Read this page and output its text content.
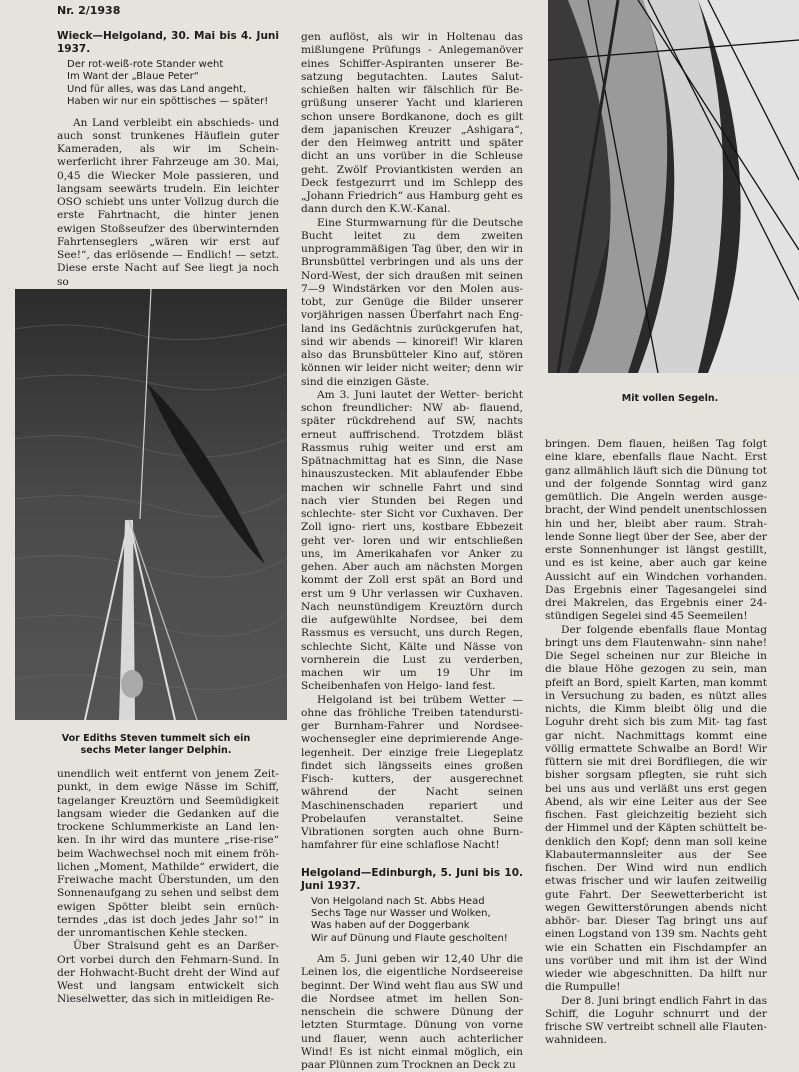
Nr. 2/1938
Wieck—Helgoland, 30. Mai bis 4. Juni 1937.
Der rot-weiß-rote Stander weht
Im Want der „Blaue Peter“
Und für alles, was das Land angeht,
Haben wir nur ein spöttisches — später!

An Land verbleibt ein abschieds- und auch sonst trunkenes Häuflein guter Kameraden, als wir im Schein- werferlicht ihrer Fahrzeuge am 30. Mai, 0,45 die Wiecker Mole passieren, und langsam seewärts trudeln. Ein leichter OSO schiebt uns unter Vollzug durch die erste Fahrtnacht, die hinter jenen ewigen Stoßseufzer des überwinternden Fahrtenseglers „wären wir erst auf See!“, das erlösende — Endlich! — setzt. Diese erste Nacht auf See liegt ja noch so

Vor Ediths Steven tummelt sich ein sechs Meter langer Delphin.

unendlich weit entfernt von jenem Zeit- punkt, in dem ewige Nässe im Schiff, tagelanger Kreuztörn und Seemüdigkeit langsam wieder die Gedanken auf die trockene Schlummerkiste an Land len- ken. In ihr wird das muntere „rise-rise“ beim Wachwechsel noch mit einem fröh- lichen „Moment, Mathilde“ erwidert, die Freiwache macht Überstunden, um den Sonnenaufgang zu sehen und selbst dem ewigen Spötter bleibt sein ernüch- terndes „das ist doch jedes Jahr so!“ in der unromantischen Kehle stecken.

Über Stralsund geht es an Darßer- Ort vorbei durch den Fehmarn-Sund. In der Hohwacht-Bucht dreht der Wind auf West und langsam entwickelt sich Nieselwetter, das sich in mitleidigen Re-

gen auflöst, als wir in Holtenau das mißlungene Prüfungs - Anlegemanöver eines Schiffer-Aspiranten unserer Be- satzung begutachten. Lautes Salut- schießen halten wir fälschlich für Be- grüßung unserer Yacht und klarieren schon unsere Bordkanone, doch es gilt dem japanischen Kreuzer „Ashigara“, der den Heimweg antritt und später dicht an uns vorüber in die Schleuse geht. Zwölf Proviantkisten werden an Deck festgezurrt und im Schlepp des „Johann Friedrich“ aus Hamburg geht es dann durch den K.W.-Kanal.

Eine Sturmwarnung für die Deutsche Bucht leitet zu dem zweiten unprogrammäßigen Tag über, den wir in Brunsbüttel verbringen und als uns der Nord-West, der sich draußen mit seinen 7—9 Windstärken vor den Molen aus- tobt, zur Genüge die Bilder unserer vorjährigen nassen Überfahrt nach Eng- land ins Gedächtnis zurückgerufen hat, sind wir abends — kinoreif! Wir klaren also das Brunsbütteler Kino auf, stören können wir leider nicht weiter; denn wir sind die einzigen Gäste.

Am 3. Juni lautet der Wetter- bericht schon freundlicher: NW ab- flauend, später rückdrehend auf SW, nachts erneut auffrischend. Trotzdem bläst Rassmus ruhig weiter und erst am Spätnachmittag hat es Sinn, die Nase hinauszustecken. Mit ablaufender Ebbe machen wir schnelle Fahrt und sind nach vier Stunden bei Regen und schlechte- ster Sicht vor Cuxhaven. Der Zoll igno- riert uns, kostbare Ebbezeit geht ver- loren und wir entschließen uns, im Amerikahafen vor Anker zu gehen. Aber auch am nächsten Morgen kommt der Zoll erst spät an Bord und erst um 9 Uhr verlassen wir Cuxhaven. Nach neunstündigem Kreuztörn durch die aufgewühlte Nordsee, bei dem Rassmus es versucht, uns durch Regen, schlechte Sicht, Kälte und Nässe von vornherein die Lust zu verderben, machen wir um 19 Uhr im Scheibenhafen von Helgo- land fest.

Helgoland ist bei trübem Wetter — ohne das fröhliche Treiben tatendursti- ger Burnham-Fahrer und Nordsee- wochensegler eine deprimierende Ange- legenheit. Der einzige freie Liegeplatz findet sich längsseits eines großen Fisch- kutters, der ausgerechnet während der Nacht seinen Maschinenschaden repariert und Probelaufen veranstaltet. Seine Vibrationen sorgten auch ohne Burn- hamfahrer für eine schlaflose Nacht!

Helgoland—Edinburgh, 5. Juni bis 10. Juni 1937.
Von Helgoland nach St. Abbs Head
Sechs Tage nur Wasser und Wolken,
Was haben auf der Doggerbank
Wir auf Dünung und Flaute gescholten!

Am 5. Juni geben wir 12,40 Uhr die Leinen los, die eigentliche Nordseereise beginnt. Der Wind weht flau aus SW und die Nordsee atmet im hellen Son- nenschein die schwere Dünung der letzten Sturmtage. Dünung von vorne und flauer, wenn auch achterlicher Wind! Es ist nicht einmal möglich, ein paar Plünnen zum Trocknen an Deck zu

Mit vollen Segeln.

bringen. Dem flauen, heißen Tag folgt eine klare, ebenfalls flaue Nacht. Erst ganz allmählich läuft sich die Dünung tot und der folgende Sonntag wird ganz gemütlich. Die Angeln werden ausge- bracht, der Wind pendelt unentschlossen hin und her, bleibt aber raum. Strah- lende Sonne liegt über der See, aber der erste Sonnenhunger ist längst gestillt, und es ist keine, aber auch gar keine Aussicht auf ein Windchen vorhanden. Das Ergebnis einer Tagesangelei sind drei Makrelen, das Ergebnis einer 24- stündigen Segelei sind 45 Seemeilen!

Der folgende ebenfalls flaue Montag bringt uns dem Flautenwahn- sinn nahe! Die Segel scheinen nur zur Bleiche in die blaue Höhe gezogen zu sein, man pfeift an Bord, spielt Karten, man kommt in Versuchung zu baden, es nützt alles nichts, die Kimm bleibt ölig und die Loguhr dreht sich bis zum Mit- tag fast gar nicht. Nachmittags kommt eine völlig ermattete Schwalbe an Bord! Wir füttern sie mit drei Bordfliegen, die wir bisher sorgsam pflegten, sie ruht sich bei uns aus und verläßt uns erst gegen Abend, als wir eine Leiter aus der See fischen. Fast gleichzeitig bezieht sich der Himmel und der Käpten schüttelt be- denklich den Kopf; denn man soll keine Klabautermannsleiter aus der See fischen. Der Wind wird nun endlich etwas frischer und wir laufen zeitweilig gute Fahrt. Der Seewetterbericht ist wegen Gewitterstörungen abends nicht abhör- bar. Dieser Tag bringt uns auf einen Logstand von 139 sm. Nachts geht wie ein Schatten ein Fischdampfer an uns vorüber und mit ihm ist der Wind wieder wie abgeschnitten. Da hilft nur die Rumpulle!

Der 8. Juni bringt endlich Fahrt in das Schiff, die Loguhr schnurrt und der frische SW vertreibt schnell alle Flauten- wahnideen.
